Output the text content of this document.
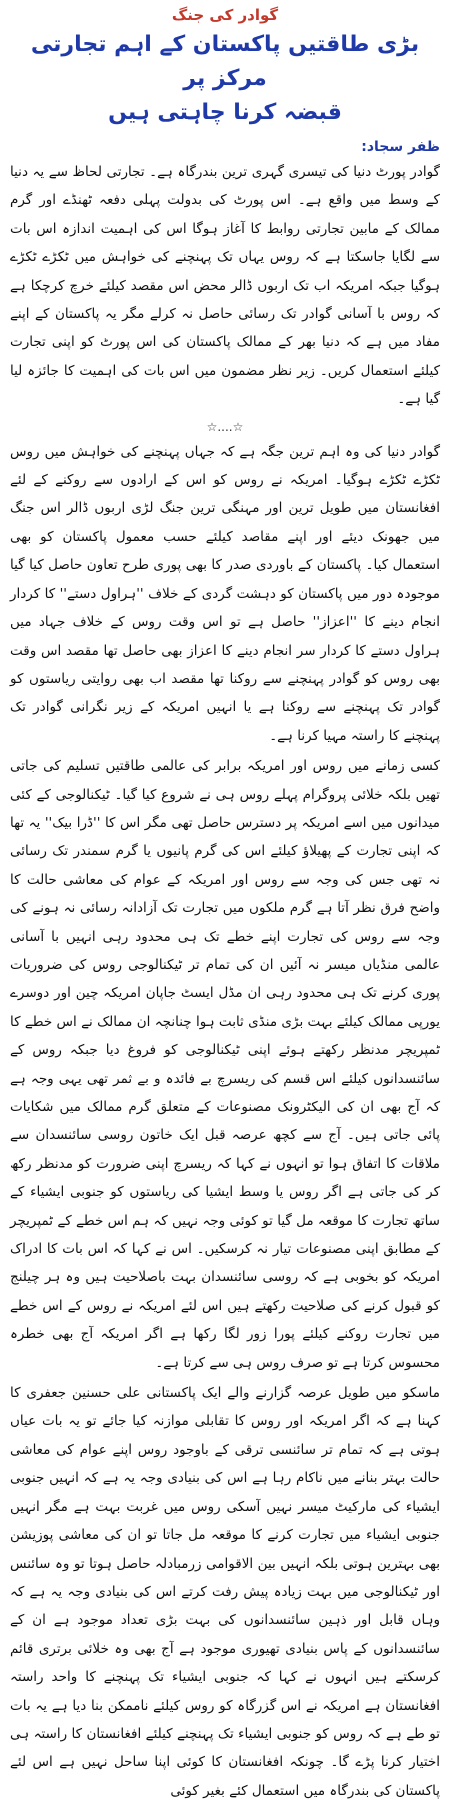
گوادر کی جنگ
بڑی طاقتیں پاکستان کے اہم تجارتی مرکز پر
قبضہ کرنا چاہتی ہیں
ظفر سجاد:

گوادر پورٹ دنیا کی تیسری گہری ترین بندرگاہ ہے۔ تجارتی لحاظ سے یہ دنیا کے وسط میں واقع ہے۔ اس پورٹ کی بدولت پہلی دفعہ ٹھنڈے اور گرم ممالک کے مابین تجارتی روابط کا آغاز ہوگا اس کی اہمیت اندازہ اس بات سے لگایا جاسکتا ہے کہ روس یہاں تک پہنچنے کی خواہش میں ٹکڑے ٹکڑے ہوگیا جبکہ امریکہ اب تک اربوں ڈالر محض اس مقصد کیلئے خرچ کرچکا ہے کہ روس با آسانی گوادر تک رسائی حاصل نہ کرلے مگر یہ پاکستان کے اپنے مفاد میں ہے کہ دنیا بھر کے ممالک پاکستان کی اس پورٹ کو اپنی تجارت کیلئے استعمال کریں۔ زیر نظر مضمون میں اس بات کی اہمیت کا جائزہ لیا گیا ہے۔

☆....☆

گوادر دنیا کی وہ اہم ترین جگہ ہے کہ جہاں پہنچنے کی خواہش میں روس ٹکڑے ٹکڑے ہوگیا۔ امریکہ نے روس کو اس کے ارادوں سے روکنے کے لئے افغانستان میں طویل ترین اور مہنگی ترین جنگ لڑی اربوں ڈالر اس جنگ میں جھونک دیئے اور اپنے مقاصد کیلئے حسب معمول پاکستان کو بھی استعمال کیا۔ پاکستان کے باوردی صدر کا بھی پوری طرح تعاون حاصل کیا گیا موجودہ دور میں پاکستان کو دہشت گردی کے خلاف ''ہراول دستے'' کا کردار انجام دینے کا ''اعزاز'' حاصل ہے تو اس وقت روس کے خلاف جہاد میں ہراول دستے کا کردار سر انجام دینے کا اعزاز بھی حاصل تھا مقصد اس وقت بھی روس کو گوادر پہنچنے سے روکنا تھا مقصد اب بھی روایتی ریاستوں کو گوادر تک پہنچنے سے روکنا ہے یا انہیں امریکہ کے زیر نگرانی گوادر تک پہنچنے کا راستہ مہیا کرنا ہے۔

کسی زمانے میں روس اور امریکہ برابر کی عالمی طاقتیں تسلیم کی جاتی تھیں بلکہ خلائی پروگرام پہلے روس ہی نے شروع کیا گیا۔ ٹیکنالوجی کے کئی میدانوں میں اسے امریکہ پر دسترس حاصل تھی مگر اس کا ''ڈرا بیک'' یہ تھا کہ اپنی تجارت کے پھیلاؤ کیلئے اس کی گرم پانیوں یا گرم سمندر تک رسائی نہ تھی جس کی وجہ سے روس اور امریکہ کے عوام کی معاشی حالت کا واضح فرق نظر آتا ہے گرم ملکوں میں تجارت تک آزادانہ رسائی نہ ہونے کی وجہ سے روس کی تجارت اپنے خطے تک ہی محدود رہی انہیں با آسانی عالمی منڈیاں میسر نہ آئیں ان کی تمام تر ٹیکنالوجی روس کی ضروریات پوری کرنے تک ہی محدود رہی ان مڈل ایسٹ جاپان امریکہ چین اور دوسرے یورپی ممالک کیلئے بہت بڑی منڈی ثابت ہوا چنانچہ ان ممالک نے اس خطے کا ٹمپریچر مدنظر رکھتے ہوئے اپنی ٹیکنالوجی کو فروغ دیا جبکہ روس کے سائنسدانوں کیلئے اس قسم کی ریسرچ بے فائدہ و بے ثمر تھی یہی وجہ ہے کہ آج بھی ان کی الیکٹرونک مصنوعات کے متعلق گرم ممالک میں شکایات پائی جاتی ہیں۔ آج سے کچھ عرصہ قبل ایک خاتون روسی سائنسدان سے ملاقات کا اتفاق ہوا تو انہوں نے کہا کہ ریسرچ اپنی ضرورت کو مدنظر رکھ کر کی جاتی ہے اگر روس یا وسط ایشیا کی ریاستوں کو جنوبی ایشیاء کے ساتھ تجارت کا موقعہ مل گیا تو کوئی وجہ نہیں کہ ہم اس خطے کے ٹمپریچر کے مطابق اپنی مصنوعات تیار نہ کرسکیں۔ اس نے کہا کہ اس بات کا ادراک امریکہ کو بخوبی ہے کہ روسی سائنسدان بہت باصلاحیت ہیں وہ ہر چیلنج کو قبول کرنے کی صلاحیت رکھتے ہیں اس لئے امریکہ نے روس کے اس خطے میں تجارت روکنے کیلئے پورا زور لگا رکھا ہے اگر امریکہ آج بھی خطرہ محسوس کرتا ہے تو صرف روس ہی سے کرتا ہے۔

ماسکو میں طویل عرصہ گزارنے والے ایک پاکستانی علی حسنین جعفری کا کہنا ہے کہ اگر امریکہ اور روس کا تقابلی موازنہ کیا جائے تو یہ بات عیاں ہوتی ہے کہ تمام تر سائنسی ترقی کے باوجود روس اپنے عوام کی معاشی حالت بہتر بنانے میں ناکام رہا ہے اس کی بنیادی وجہ یہ ہے کہ انہیں جنوبی ایشیاء کی مارکیٹ میسر نہیں آسکی روس میں غربت بہت ہے مگر انہیں جنوبی ایشیاء میں تجارت کرنے کا موقعہ مل جاتا تو ان کی معاشی پوزیشن بھی بہترین ہوتی بلکہ انہیں بین الاقوامی زرمبادلہ حاصل ہوتا تو وہ سائنس اور ٹیکنالوجی میں بہت زیادہ پیش رفت کرتے اس کی بنیادی وجہ یہ ہے کہ وہاں قابل اور ذہین سائنسدانوں کی بہت بڑی تعداد موجود ہے ان کے سائنسدانوں کے پاس بنیادی تھیوری موجود ہے آج بھی وہ خلائی برتری قائم کرسکتے ہیں انہوں نے کہا کہ جنوبی ایشیاء تک پہنچنے کا واحد راستہ افغانستان ہے امریکہ نے اس گزرگاہ کو روس کیلئے ناممکن بنا دیا ہے یہ بات تو طے ہے کہ روس کو جنوبی ایشیاء تک پہنچنے کیلئے افغانستان کا راستہ ہی اختیار کرنا پڑے گا۔ چونکہ افغانستان کا کوئی اپنا ساحل نہیں ہے اس لئے پاکستان کی بندرگاہ میں استعمال کئے بغیر کوئی
